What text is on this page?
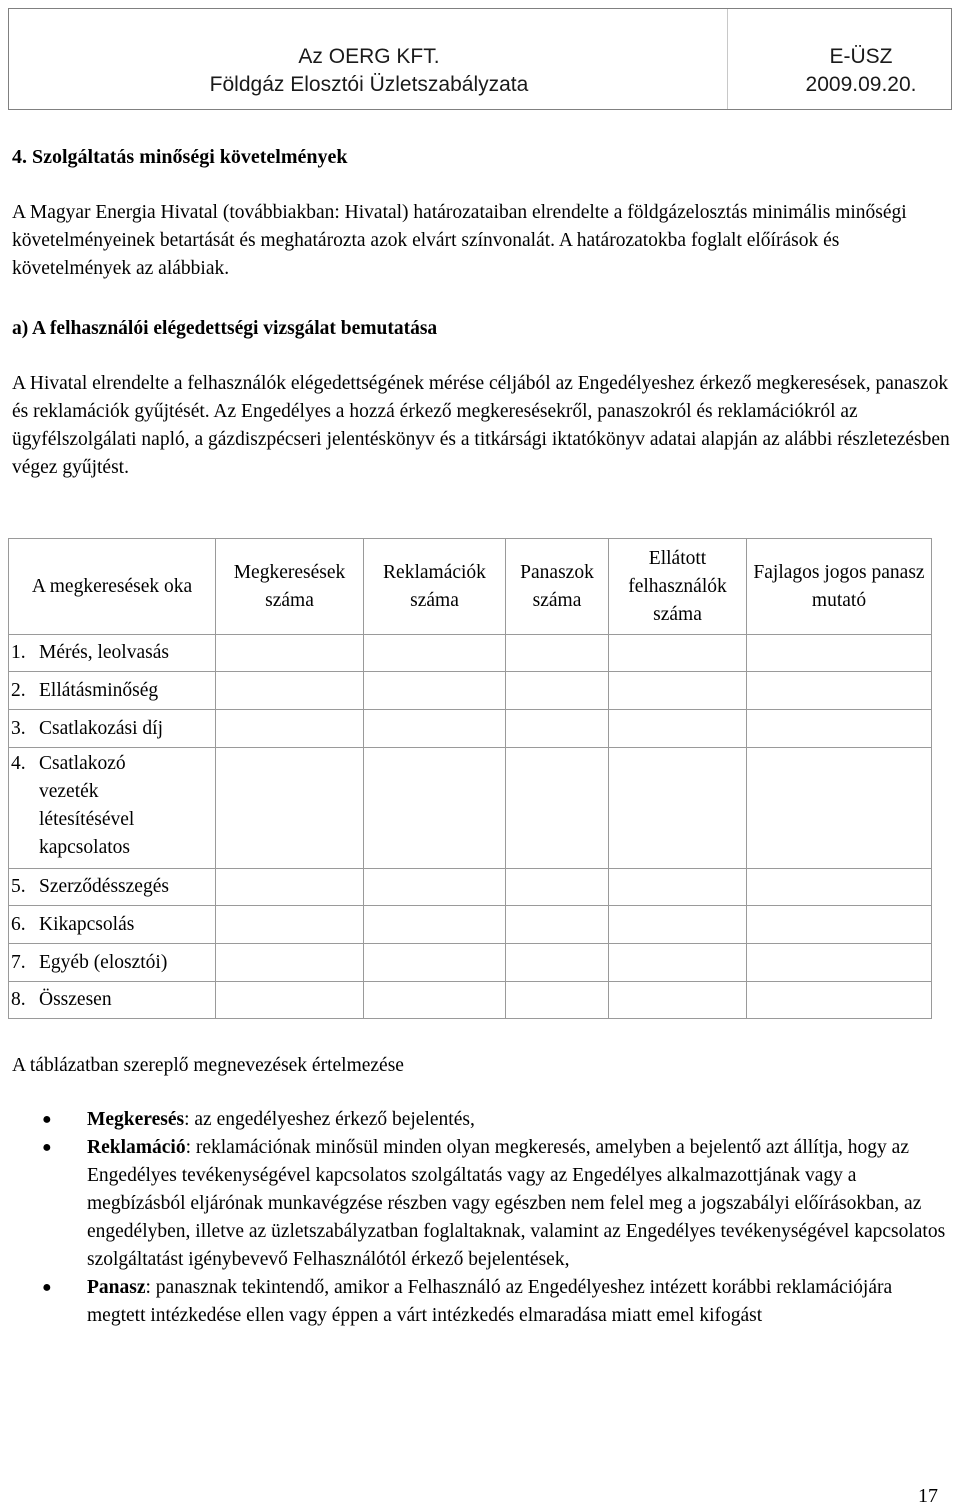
Az OERG KFT.
Földgáz Elosztói Üzletszabályzata
E-ÜSZ
2009.09.20.
4. Szolgáltatás minőségi követelmények
A Magyar Energia Hivatal (továbbiakban: Hivatal) határozataiban elrendelte a földgázelosztás minimális minőségi követelményeinek betartását és meghatározta azok elvárt színvonalát. A határozatokba foglalt előírások és követelmények az alábbiak.
a) A felhasználói elégedettségi vizsgálat bemutatása
A Hivatal elrendelte a felhasználók elégedettségének mérése céljából az Engedélyeshez érkező megkeresések, panaszok és reklamációk gyűjtését. Az Engedélyes a hozzá érkező megkeresésekről, panaszokról és reklamációkról az ügyfélszolgálati napló, a gázdiszpécseri jelentéskönyv és a titkársági iktatókönyv adatai alapján az alábbi részletezésben végez gyűjtést.
A megkeresések oka	Megkeresések száma	Reklamációk száma	Panaszok száma	Ellátott felhasználók száma	Fajlagos jogos panasz mutató

1. Mérés, leolvasás					

2. Ellátásminőség					

3. Csatlakozási díj					

4. Csatlakozó vezeték létesítésével kapcsolatos					

5. Szerződésszegés					

6. Kikapcsolás					

7. Egyéb (elosztói)					

8. Összesen					

A táblázatban szereplő megnevezések értelmezése
● Megkeresés: az engedélyeshez érkező bejelentés,
● Reklamáció: reklamációnak minősül minden olyan megkeresés, amelyben a bejelentő azt állítja, hogy az Engedélyes tevékenységével kapcsolatos szolgáltatás vagy az Engedélyes alkalmazottjának vagy a megbízásból eljárónak munkavégzése részben vagy egészben nem felel meg a jogszabályi előírásokban, az engedélyben, illetve az üzletszabályzatban foglaltaknak, valamint az Engedélyes tevékenységével kapcsolatos szolgáltatást igénybevevő Felhasználótól érkező bejelentések,
● Panasz: panasznak tekintendő, amikor a Felhasználó az Engedélyeshez intézett korábbi reklamációjára megtett intézkedése ellen vagy éppen a várt intézkedés elmaradása miatt emel kifogást
17
